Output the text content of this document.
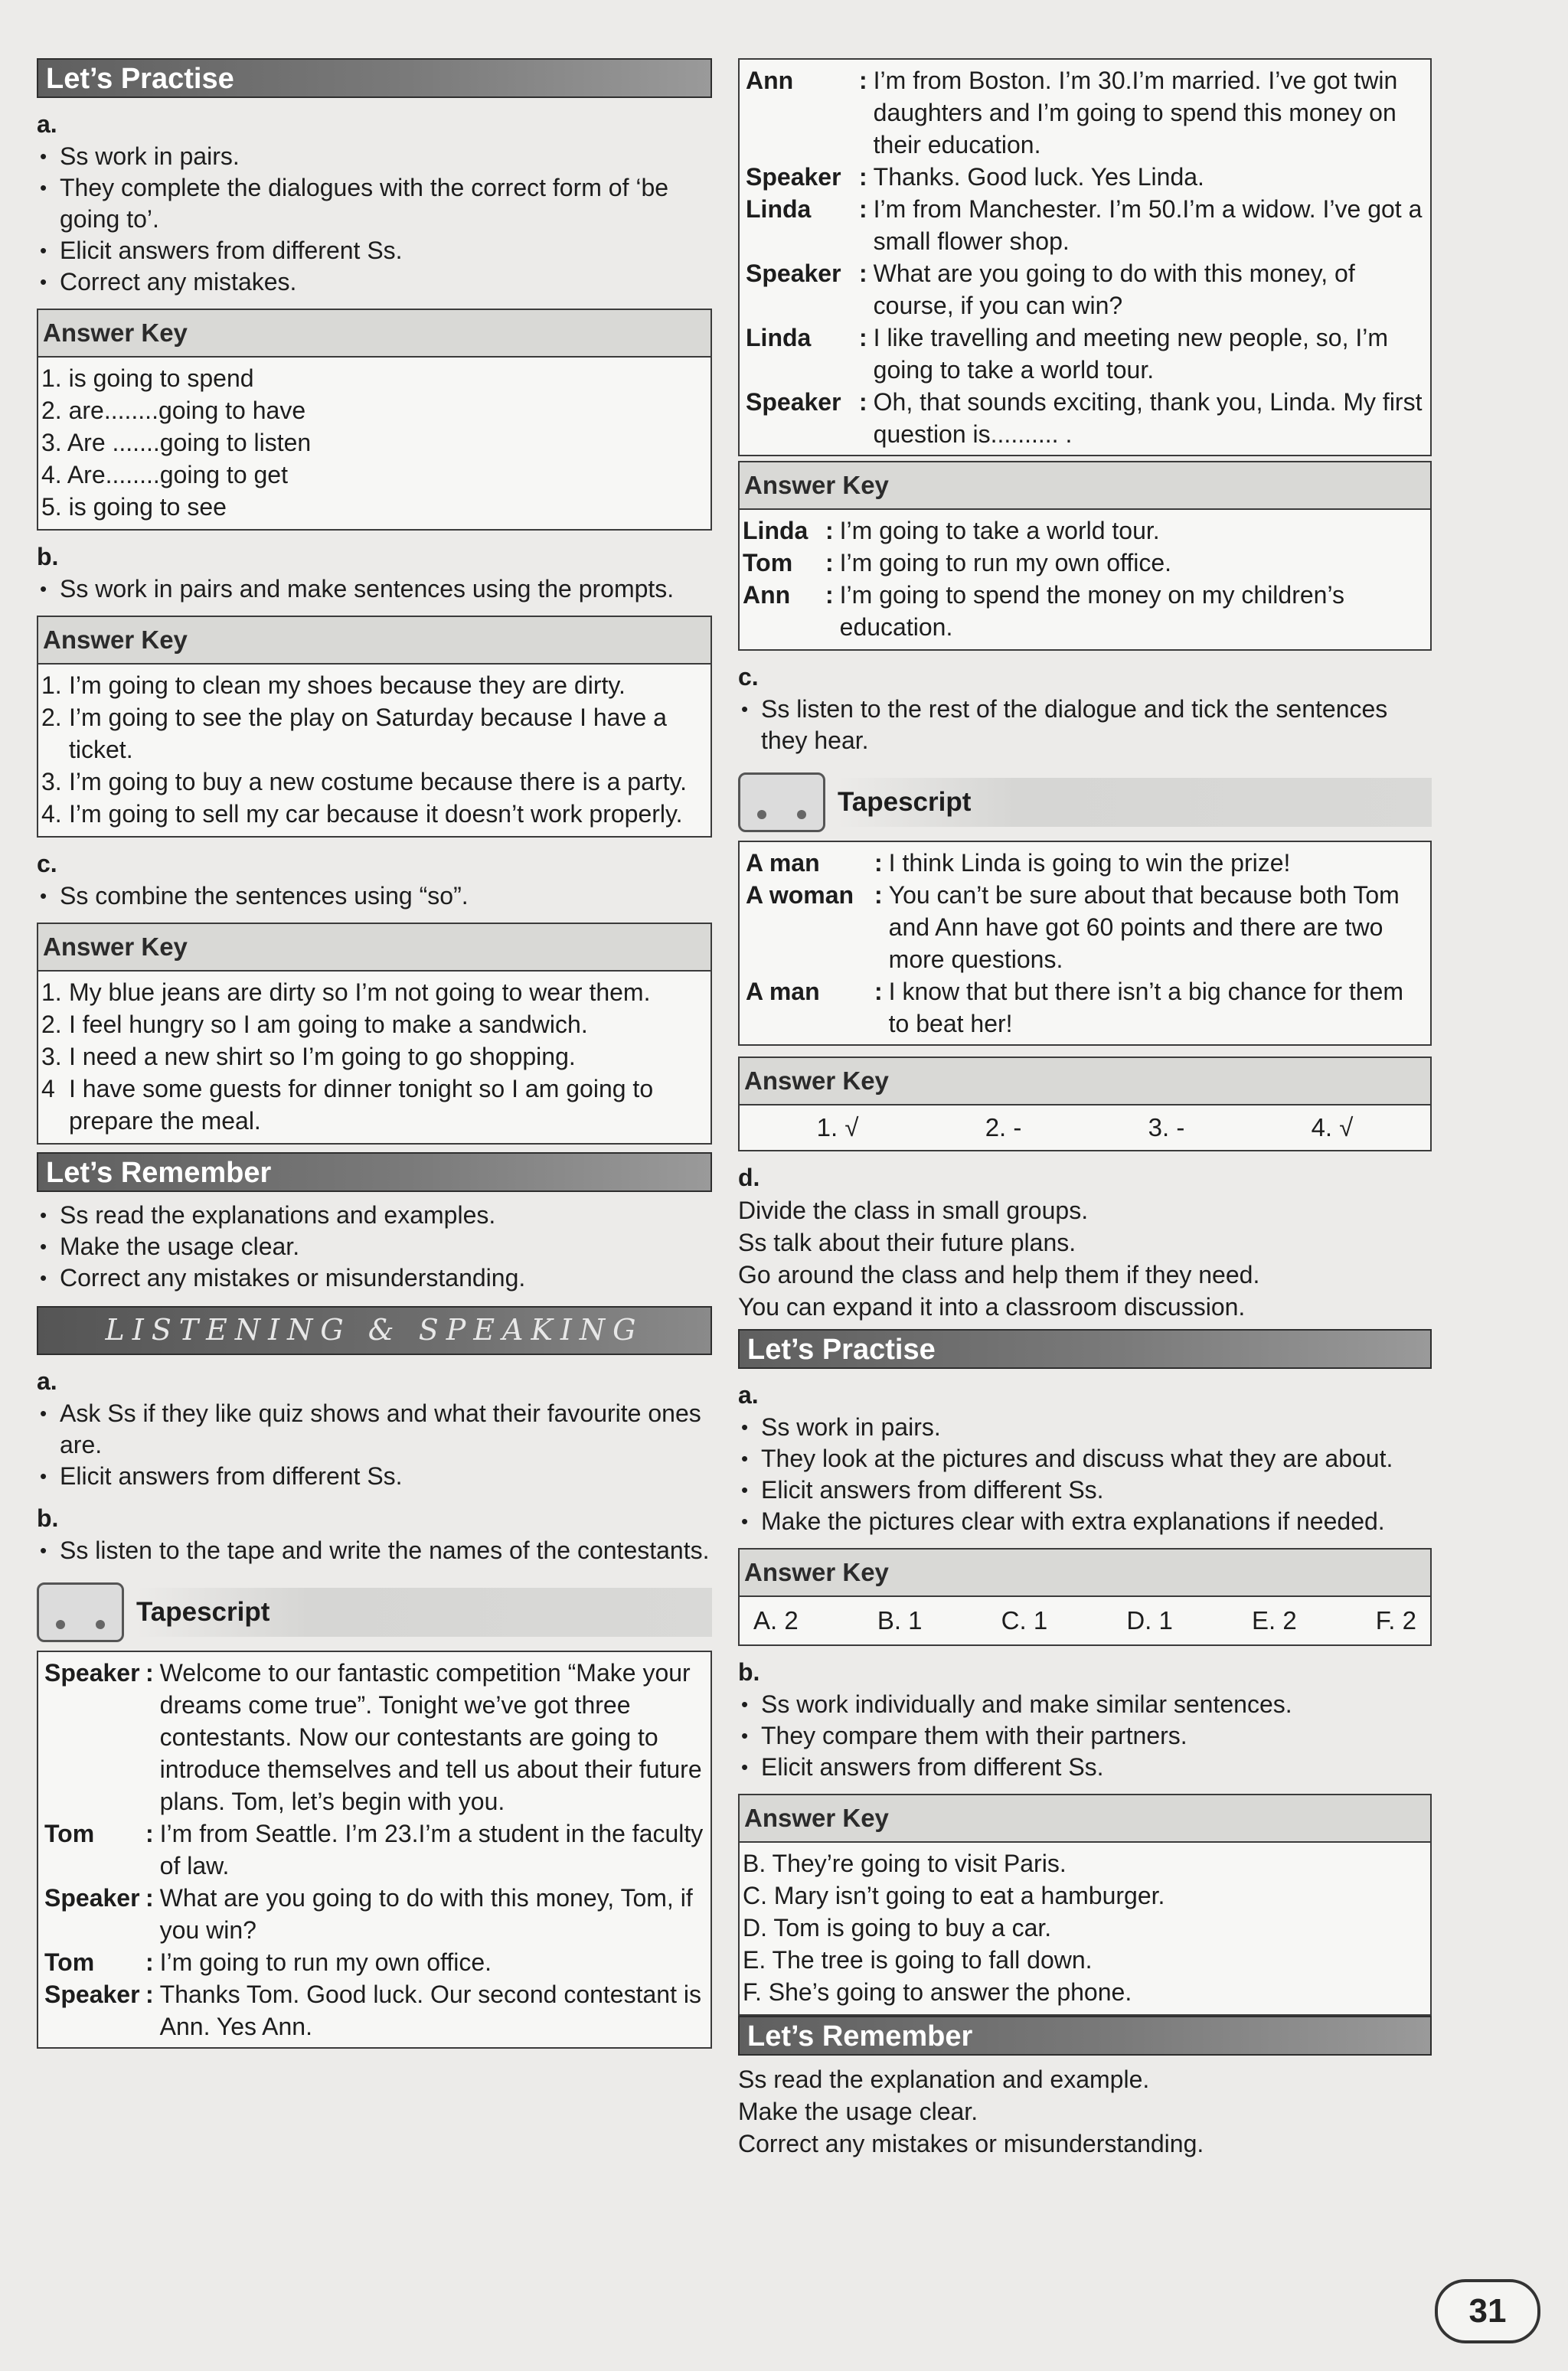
Let’s Practise
a.
• Ss work in pairs.
• They complete the dialogues with the correct form of ‘be going to’.
• Elicit answers from different Ss.
• Correct any mistakes.
Answer Key
1. is going to spend
2. are........going to have
3. Are .......going to listen
4. Are........going to get
5. is going to see
b.
• Ss work in pairs and make sentences using the prompts.
Answer Key
1. I’m going to clean my shoes because they are dirty.
2. I’m going to see the play on Saturday because I have a ticket.
3. I’m going to buy a new costume because there is a party.
4. I’m going to sell my car because it doesn’t work properly.
c.
• Ss combine the sentences using “so”.
Answer Key
1. My blue jeans are dirty so I’m not going to wear them.
2. I feel hungry so I am going to make a sandwich.
3. I need a new shirt so I’m going to go shopping.
4 I have some guests for dinner tonight so I am going to prepare the meal.
Let’s Remember
• Ss read the explanations and examples.
• Make the usage clear.
• Correct any mistakes or misunderstanding.
LISTENING & SPEAKING
a.
• Ask Ss if they like quiz shows and what their favourite ones are.
• Elicit answers from different Ss.
b.
• Ss listen to the tape and write the names of the contestants.
Tapescript
Speaker : Welcome to our fantastic competition “Make your dreams come true”. Tonight we’ve got three contestants. Now our contestants are going to introduce themselves and tell us about their future plans. Tom, let’s begin with you.
Tom	: I’m from Seattle. I’m 23.I’m a student in the faculty of law.
Speaker : What are you going to do with this money, Tom, if you win?
Tom	: I’m going to run my own office.
Speaker : Thanks Tom. Good luck. Our second contestant is Ann. Yes Ann.
Ann	: I’m from Boston. I’m 30.I’m married. I’ve got twin daughters and I’m going to spend this money on their education.
Speaker : Thanks. Good luck. Yes Linda.
Linda	: I’m from Manchester. I’m 50.I’m a widow. I’ve got a small flower shop.
Speaker : What are you going to do with this money, of course, if you can win?
Linda	: I like travelling and meeting new people, so, I’m going to take a world tour.
Speaker : Oh, that sounds exciting, thank you, Linda. My first question is.......... .
Answer Key
Linda : I’m going to take a world tour.
Tom	: I’m going to run my own office.
Ann	: I’m going to spend the money on my children’s education.
c.
• Ss listen to the rest of the dialogue and tick the sentences they hear.
Tapescript
A man	: I think Linda is going to win the prize!
A woman : You can’t be sure about that because both Tom and Ann have got 60 points and there are two more questions.
A man	: I know that but there isn’t a big chance for them to beat her!
Answer Key
1. √	2. -	3. -	4. √
d.

Divide the class in small groups.

Ss talk about their future plans.

Go around the class and help them if they need.

You can expand it into a classroom discussion.

Let’s Practise
a.
• Ss work in pairs.
• They look at the pictures and discuss what they are about.
• Elicit answers from different Ss.
• Make the pictures clear with extra explanations if needed.
Answer Key
A. 2	B. 1	C. 1	D. 1	E. 2	F. 2
b.
• Ss work individually and make similar sentences.
• They compare them with their partners.
• Elicit answers from different Ss.
Answer Key
B. They’re going to visit Paris.
C. Mary isn’t going to eat a hamburger.
D. Tom is going to buy a car.
E. The tree is going to fall down.
F. She’s going to answer the phone.
Let’s Remember

Ss read the explanation and example.

Make the usage clear.

Correct any mistakes or misunderstanding.

31
